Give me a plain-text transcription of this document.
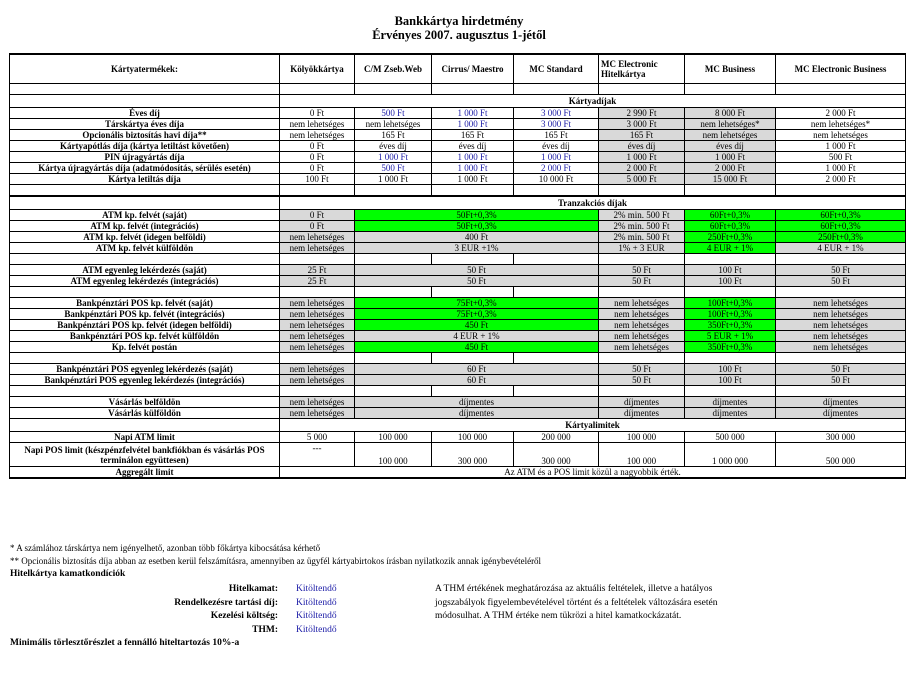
Bankkártya hirdetmény
Érvényes 2007. augusztus 1-jétől
Kártyatermékek:	Kölyökkártya	C/M Zseb.Web	Cirrus/ Maestro	MC Standard	MC Electronic Hitelkártya	MC Business	MC Electronic Business

	Kártyadíjak						
Éves díj	0 Ft	500 Ft	1 000 Ft	3 000 Ft	2 990 Ft	8 000 Ft	2 000 Ft
Társkártya éves díja	nem lehetséges	nem lehetséges	1 000 Ft	3 000 Ft	3 000 Ft	nem lehetséges*	nem lehetséges*
Opcionális biztosítás havi díja**	nem lehetséges	165 Ft	165 Ft	165 Ft	165 Ft	nem lehetséges	nem lehetséges
Kártyapótlás díja (kártya letiltást követően)	0 Ft	éves díj	éves díj	éves díj	éves díj	éves díj	1 000 Ft
PIN újragyártás díja	0 Ft	1 000 Ft	1 000 Ft	1 000 Ft	1 000 Ft	1 000 Ft	500 Ft
Kártya újragyártás díja (adatmódosítás, sérülés esetén)	0 Ft	500 Ft	1 000 Ft	2 000 Ft	2 000 Ft	2 000 Ft	1 000 Ft
Kártya letiltás díja	100 Ft	1 000 Ft	1 000 Ft	10 000 Ft	5 000 Ft	15 000 Ft	2 000 Ft

	Tranzakciós díjak						
ATM kp. felvét (saját)	0 Ft	50Ft+0,3%			2% min. 500 Ft	60Ft+0,3%	60Ft+0,3%
ATM kp. felvét (integrációs)	0 Ft	50Ft+0,3%			2% min. 500 Ft	60Ft+0,3%	60Ft+0,3%
ATM kp. felvét (idegen belföldi)	nem lehetséges	400 Ft			2% min. 500 Ft	250Ft+0,3%	250Ft+0,3%
ATM kp. felvét külföldön	nem lehetséges	3 EUR +1%			1% + 3 EUR	4 EUR + 1%	4 EUR + 1%

ATM egyenleg lekérdezés (saját)	25 Ft	50 Ft			50 Ft	100 Ft	50 Ft
ATM egyenleg lekérdezés (integrációs)	25 Ft	50 Ft			50 Ft	100 Ft	50 Ft

Bankpénztári POS kp. felvét (saját)	nem lehetséges	75Ft+0,3%			nem lehetséges	100Ft+0,3%	nem lehetséges
Bankpénztári POS kp. felvét (integrációs)	nem lehetséges	75Ft+0,3%			nem lehetséges	100Ft+0,3%	nem lehetséges
Bankpénztári POS kp. felvét (idegen belföldi)	nem lehetséges	450 Ft			nem lehetséges	350Ft+0,3%	nem lehetséges
Bankpénztári POS kp. felvét külföldön	nem lehetséges	4 EUR + 1%			nem lehetséges	5 EUR + 1%	nem lehetséges
Kp. felvét postán	nem lehetséges	450 Ft			nem lehetséges	350Ft+0,3%	nem lehetséges

Bankpénztári POS egyenleg lekérdezés (saját)	nem lehetséges	60 Ft			50 Ft	100 Ft	50 Ft
Bankpénztári POS egyenleg lekérdezés (integrációs)	nem lehetséges	60 Ft			50 Ft	100 Ft	50 Ft

Vásárlás belföldön	nem lehetséges	díjmentes			díjmentes	díjmentes	díjmentes
Vásárlás külföldön	nem lehetséges	díjmentes			díjmentes	díjmentes	díjmentes
	Kártyalimitek						
Napi ATM limit	5 000	100 000	100 000	200 000	100 000	500 000	300 000
Napi POS limit (készpénzfelvétel bankfiókban és vásárlás POS terminálon együttesen)	---	100 000	300 000	300 000	100 000	1 000 000	500 000
Aggregált limit	Az ATM és a POS limit közül a nagyobbik érték.						
* A számlához társkártya nem igényelhető, azonban több főkártya kibocsátása kérhető
** Opcionális biztosítás díja abban az esetben kerül felszámításra, amennyiben az ügyfél kártyabirtokos írásban nyilatkozik annak igénybevételéről
Hitelkártya kamatkondíciók
Hitelkamat: Kitöltendő
Rendelkezésre tartási díj: Kitöltendő
Kezelési költség: Kitöltendő
THM: Kitöltendő
A THM értékének meghatározása az aktuális feltételek, illetve a hatályos
jogszabályok figyelembevételével történt és a feltételek változására esetén
módosulhat. A THM értéke nem tükrözi a hitel kamatkockázatát.
Minimális törlesztőrészlet a fennálló hiteltartozás 10%-a
